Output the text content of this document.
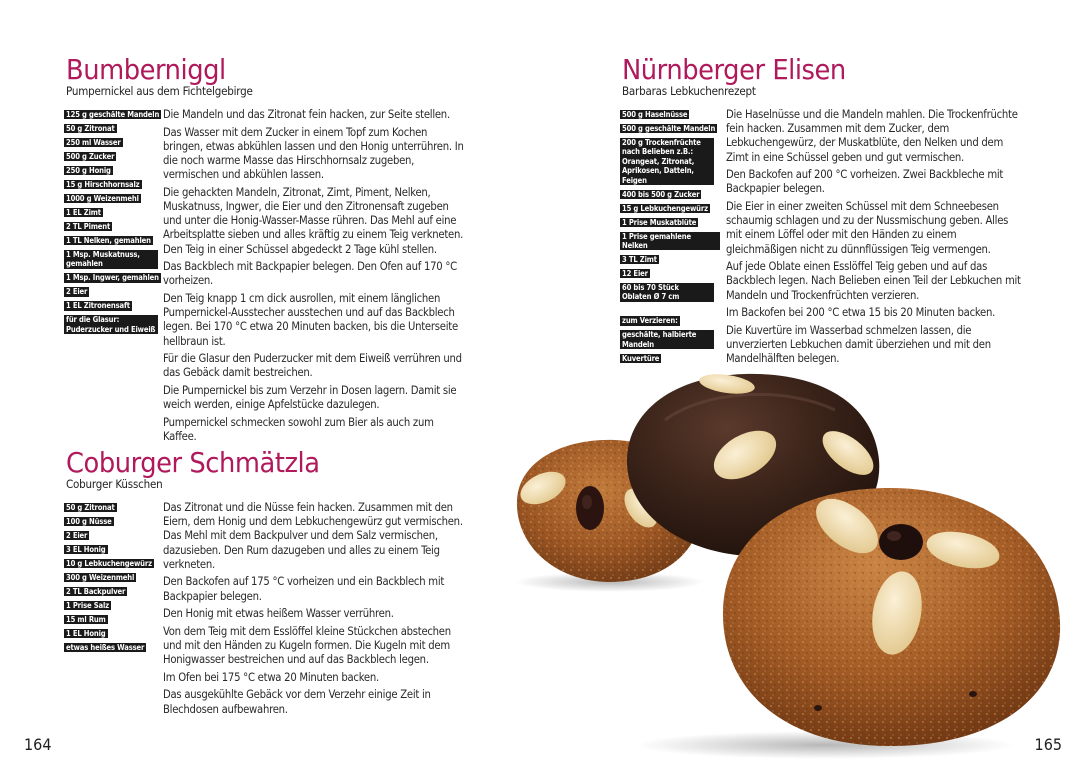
Bumberniggl
Pumpernickel aus dem Fichtelgebirge
125 g geschälte Mandeln
50 g Zitronat
250 ml Wasser
500 g Zucker
250 g Honig
15 g Hirschhornsalz
1000 g Weizenmehl
1 EL Zimt
2 TL Piment
1 TL Nelken, gemahlen
1 Msp. Muskatnuss,
gemahlen
1 Msp. Ingwer, gemahlen
2 Eier
1 EL Zitronensaft
für die Glasur:
Puderzucker und Eiweiß

Die Mandeln und das Zitronat fein hacken, zur Seite stellen.

Das Wasser mit dem Zucker in einem Topf zum Kochen bringen, etwas abkühlen lassen und den Honig unterrühren. In die noch warme Masse das Hirschhornsalz zugeben, vermischen und abkühlen lassen.

Die gehackten Mandeln, Zitronat, Zimt, Piment, Nelken, Muskatnuss, Ingwer, die Eier und den Zitronensaft zugeben und unter die Honig-Wasser-Masse rühren. Das Mehl auf eine Arbeitsplatte sieben und alles kräftig zu einem Teig verkneten. Den Teig in einer Schüssel abgedeckt 2 Tage kühl stellen.

Das Backblech mit Backpapier belegen. Den Ofen auf 170 °C vorheizen.

Den Teig knapp 1 cm dick ausrollen, mit einem länglichen Pumpernickel-Ausstecher ausstechen und auf das Backblech legen. Bei 170 °C etwa 20 Minuten backen, bis die Unterseite hellbraun ist.

Für die Glasur den Puderzucker mit dem Eiweiß verrühren und das Gebäck damit bestreichen.

Die Pumpernickel bis zum Verzehr in Dosen lagern. Damit sie weich werden, einige Apfelstücke dazulegen.

Pumpernickel schmecken sowohl zum Bier als auch zum Kaffee.

Coburger Schmätzla
Coburger Küsschen
50 g Zitronat
100 g Nüsse
2 Eier
3 EL Honig
10 g Lebkuchengewürz
300 g Weizenmehl
2 TL Backpulver
1 Prise Salz
15 ml Rum
1 EL Honig
etwas heißes Wasser

Das Zitronat und die Nüsse fein hacken. Zusammen mit den Eiern, dem Honig und dem Lebkuchengewürz gut vermischen. Das Mehl mit dem Backpulver und dem Salz vermischen, dazusieben. Den Rum dazugeben und alles zu einem Teig verkneten.

Den Backofen auf 175 °C vorheizen und ein Backblech mit Backpapier belegen.

Den Honig mit etwas heißem Wasser verrühren.

Von dem Teig mit dem Esslöffel kleine Stückchen abstechen und mit den Händen zu Kugeln formen. Die Kugeln mit dem Honigwasser bestreichen und auf das Backblech legen.

Im Ofen bei 175 °C etwa 20 Minuten backen.

Das ausgekühlte Gebäck vor dem Verzehr einige Zeit in Blechdosen aufbewahren.

164
Nürnberger Elisen
Barbaras Lebkuchenrezept
500 g Haselnüsse
500 g geschälte Mandeln
200 g Trockenfrüchte
nach Belieben z.B.:
Orangeat, Zitronat,
Aprikosen, Datteln, Feigen
400 bis 500 g Zucker
15 g Lebkuchengewürz
1 Prise Muskatblüte
1 Prise gemahlene Nelken
3 TL Zimt
12 Eier
60 bis 70 Stück
Oblaten Ø 7 cm
zum Verzieren:
geschälte, halbierte
Mandeln
Kuvertüre

Die Haselnüsse und die Mandeln mahlen. Die Trockenfrüchte fein hacken. Zusammen mit dem Zucker, dem Lebkuchengewürz, der Muskatblüte, den Nelken und dem Zimt in eine Schüssel geben und gut vermischen.

Den Backofen auf 200 °C vorheizen. Zwei Backbleche mit Backpapier belegen.

Die Eier in einer zweiten Schüssel mit dem Schneebesen schaumig schlagen und zu der Nussmischung geben. Alles mit einem Löffel oder mit den Händen zu einem gleichmäßigen nicht zu dünnflüssigen Teig vermengen.

Auf jede Oblate einen Esslöffel Teig geben und auf das Backblech legen. Nach Belieben einen Teil der Lebkuchen mit Mandeln und Trockenfrüchten verzieren.

Im Backofen bei 200 °C etwa 15 bis 20 Minuten backen.

Die Kuvertüre im Wasserbad schmelzen lassen, die unverzierten Lebkuchen damit überziehen und mit den Mandelhälften belegen.

165
